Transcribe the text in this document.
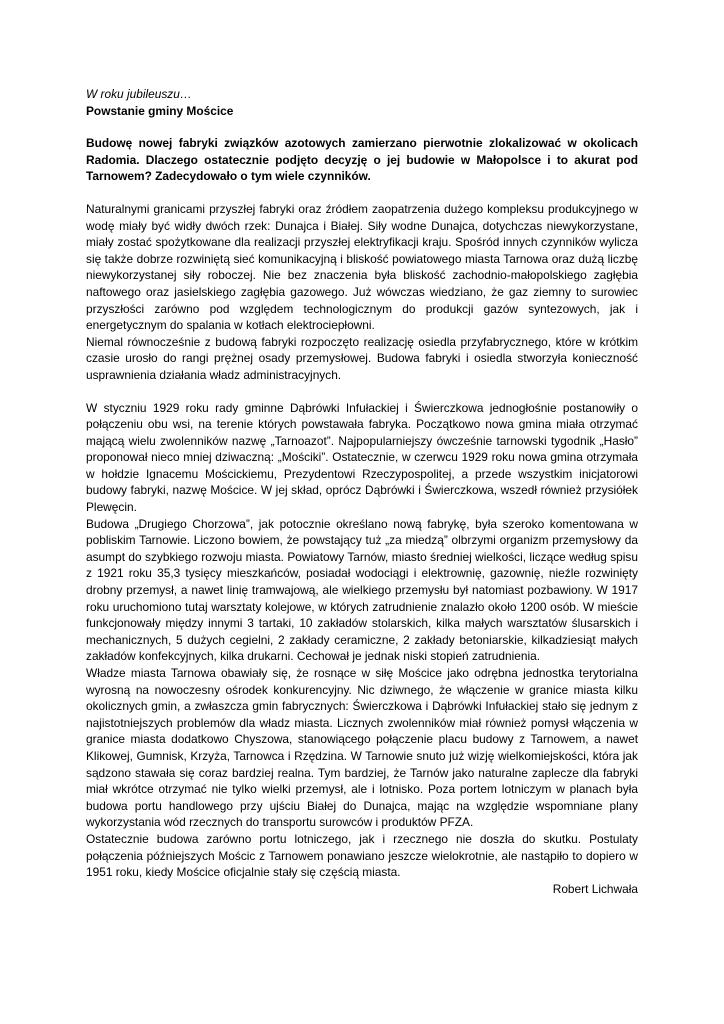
W roku jubileuszu…

Powstanie gminy Mościce

Budowę nowej fabryki związków azotowych zamierzano pierwotnie zlokalizować w okolicach Radomia. Dlaczego ostatecznie podjęto decyzję o jej budowie w Małopolsce i to akurat pod Tarnowem? Zadecydowało o tym wiele czynników.

Naturalnymi granicami przyszłej fabryki oraz źródłem zaopatrzenia dużego kompleksu produkcyjnego w wodę miały być widły dwóch rzek: Dunajca i Białej. Siły wodne Dunajca, dotychczas niewykorzystane, miały zostać spożytkowane dla realizacji przyszłej elektryfikacji kraju. Spośród innych czynników wylicza się także dobrze rozwiniętą sieć komunikacyjną i bliskość powiatowego miasta Tarnowa oraz dużą liczbę niewykorzystanej siły roboczej. Nie bez znaczenia była bliskość zachodnio-małopolskiego zagłębia naftowego oraz jasielskiego zagłębia gazowego. Już wówczas wiedziano, że gaz ziemny to surowiec przyszłości zarówno pod względem technologicznym do produkcji gazów syntezowych, jak i energetycznym do spalania w kotłach elektrociepłowni.

Niemal równocześnie z budową fabryki rozpoczęto realizację osiedla przyfabrycznego, które w krótkim czasie urosło do rangi prężnej osady przemysłowej. Budowa fabryki i osiedla stworzyła konieczność usprawnienia działania władz administracyjnych.

W styczniu 1929 roku rady gminne Dąbrówki Infułackiej i Świerczkowa jednogłośnie postanowiły o połączeniu obu wsi, na terenie których powstawała fabryka. Początkowo nowa gmina miała otrzymać mającą wielu zwolenników nazwę „Tarnoazot”. Najpopularniejszy ówcześnie tarnowski tygodnik „Hasło” proponował nieco mniej dziwaczną: „Mościki”. Ostatecznie, w czerwcu 1929 roku nowa gmina otrzymała w hołdzie Ignacemu Mościckiemu, Prezydentowi Rzeczypospolitej, a przede wszystkim inicjatorowi budowy fabryki, nazwę Mościce. W jej skład, oprócz Dąbrówki i Świerczkowa, wszedł również przysiółek Plewęcin.

Budowa „Drugiego Chorzowa”, jak potocznie określano nową fabrykę, była szeroko komentowana w pobliskim Tarnowie. Liczono bowiem, że powstający tuż „za miedzą” olbrzymi organizm przemysłowy da asumpt do szybkiego rozwoju miasta. Powiatowy Tarnów, miasto średniej wielkości, liczące według spisu z 1921 roku 35,3 tysięcy mieszkańców, posiadał wodociągi i elektrownię, gazownię, nieźle rozwinięty drobny przemysł, a nawet linię tramwajową, ale wielkiego przemysłu był natomiast pozbawiony. W 1917 roku uruchomiono tutaj warsztaty kolejowe, w których zatrudnienie znalazło około 1200 osób. W mieście funkcjonowały między innymi 3 tartaki, 10 zakładów stolarskich, kilka małych warsztatów ślusarskich i mechanicznych, 5 dużych cegielni, 2 zakłady ceramiczne, 2 zakłady betoniarskie, kilkadziesiąt małych zakładów konfekcyjnych, kilka drukarni. Cechował je jednak niski stopień zatrudnienia.

Władze miasta Tarnowa obawiały się, że rosnące w siłę Mościce jako odrębna jednostka terytorialna wyrosną na nowoczesny ośrodek konkurencyjny. Nic dziwnego, że włączenie w granice miasta kilku okolicznych gmin, a zwłaszcza gmin fabrycznych: Świerczkowa i Dąbrówki Infułackiej stało się jednym z najistotniejszych problemów dla władz miasta. Licznych zwolenników miał również pomysł włączenia w granice miasta dodatkowo Chyszowa, stanowiącego połączenie placu budowy z Tarnowem, a nawet Klikowej, Gumnisk, Krzyża, Tarnowca i Rzędzina. W Tarnowie snuto już wizję wielkomiejskości, która jak sądzono stawała się coraz bardziej realna. Tym bardziej, że Tarnów jako naturalne zaplecze dla fabryki miał wkrótce otrzymać nie tylko wielki przemysł, ale i lotnisko. Poza portem lotniczym w planach była budowa portu handlowego przy ujściu Białej do Dunajca, mając na względzie wspomniane plany wykorzystania wód rzecznych do transportu surowców i produktów PFZA.

Ostatecznie budowa zarówno portu lotniczego, jak i rzecznego nie doszła do skutku. Postulaty połączenia późniejszych Mościc z Tarnowem ponawiano jeszcze wielokrotnie, ale nastąpiło to dopiero w 1951 roku, kiedy Mościce oficjalnie stały się częścią miasta.

Robert Lichwała
